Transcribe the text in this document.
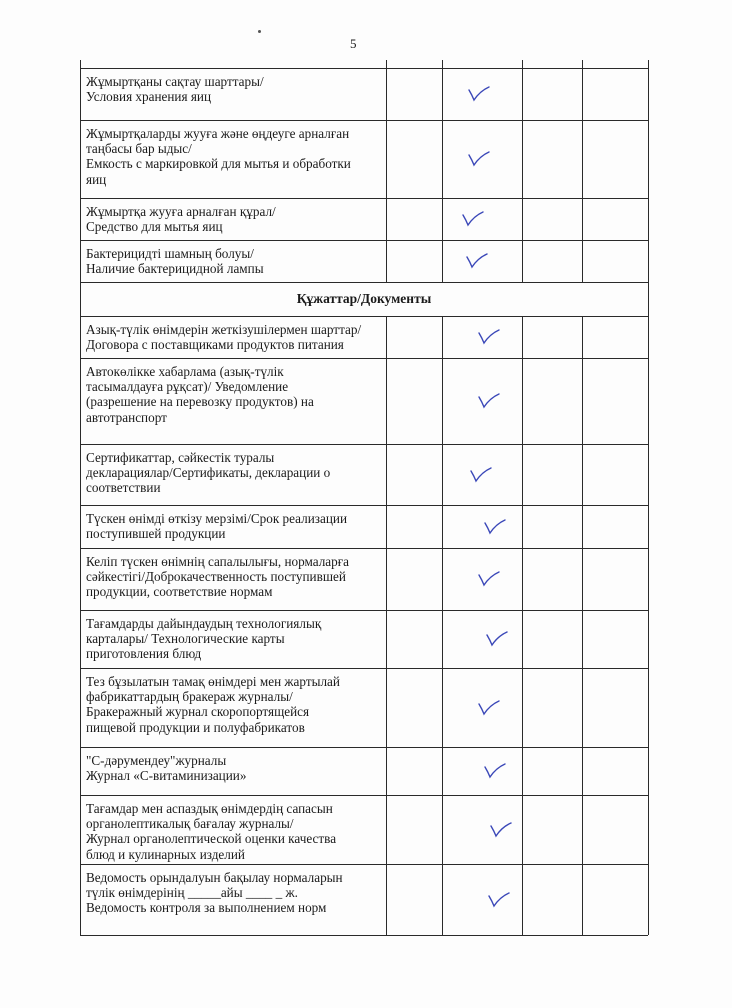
5
Жұмыртқаны сақтау шарттары/
Условия хранения яиц
Жұмыртқаларды жууға және өңдеуге арналған
таңбасы бар ыдыс/
Емкость с маркировкой для мытья и обработки
яиц
Жұмыртқа жууға арналған құрал/
Средство для мытья яиц
Бактерицидті шамның болуы/
Наличие бактерицидной лампы
Құжаттар/Документы
Азық-түлік өнімдерін жеткізушілермен шарттар/
Договора с поставщиками продуктов питания
Автокөлікке хабарлама (азық-түлік
тасымалдауға рұқсат)/ Уведомление
(разрешение на перевозку продуктов) на
автотранспорт
Сертификаттар, сәйкестік туралы
декларациялар/Сертификаты, декларации о
соответствии
Түскен өнімді өткізу мерзімі/Срок реализации
поступившей продукции
Келіп түскен өнімнің сапалылығы, нормаларға
сәйкестігі/Доброкачественность поступившей
продукции, соответствие нормам
Тағамдарды дайындаудың технологиялық
карталары/ Технологические карты
приготовления блюд
Тез бұзылатын тамақ өнімдері мен жартылай
фабрикаттардың бракераж журналы/
Бракеражный журнал скоропортящейся
пищевой продукции и полуфабрикатов
"С-дәрумендеу"журналы
Журнал «С-витаминизации»
Тағамдар мен аспаздық өнімдердің сапасын
органолептикалық бағалау журналы/
Журнал органолептической оценки качества
блюд и кулинарных изделий
Ведомость орындалуын бақылау нормаларын
түлік өнімдерінің _____айы ____ _ ж.
Ведомость контроля за выполнением норм
